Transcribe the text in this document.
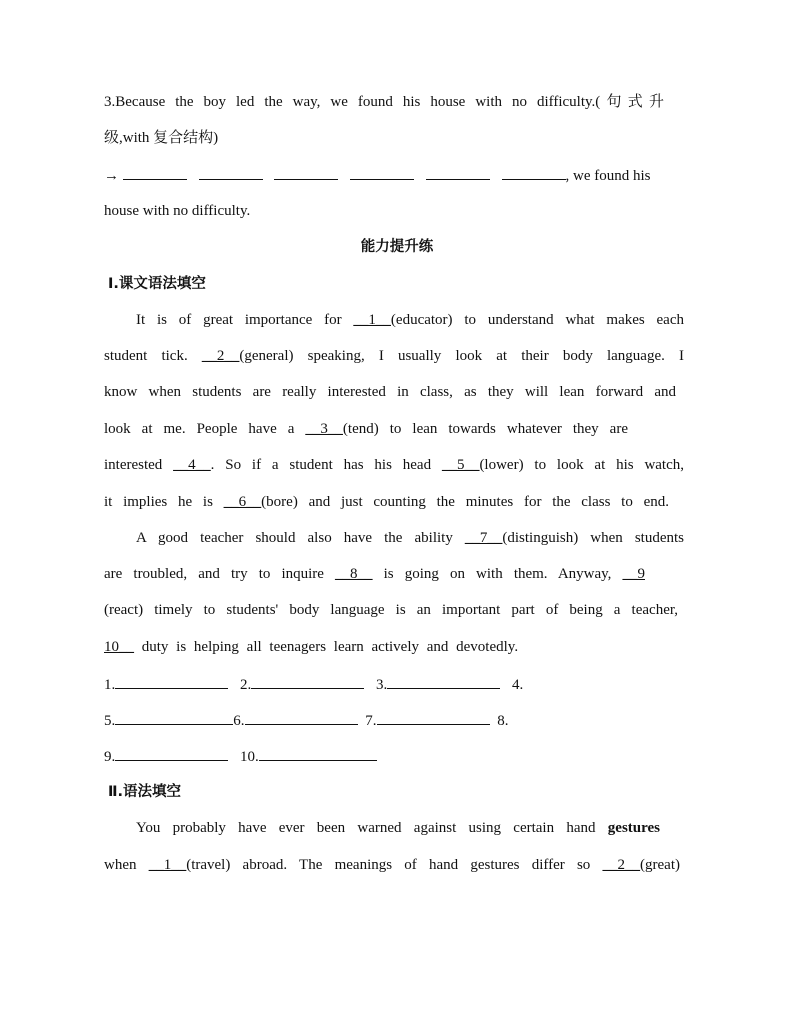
3.Because the boy led the way, we found his house with no difficulty.(句式升
级,with 复合结构)
→	, we found his
house with no difficulty.
能力提升练
Ⅰ.课文语法填空
It is of great importance for __1__(educator) to understand what makes each
student tick. __2__(general) speaking, I usually look at their body language. I
know when students are really interested in class, as they will lean forward and
look at me. People have a __3__(tend) to lean towards whatever they are
interested __4__. So if a student has his head __5__(lower) to look at his watch,
it implies he is __6__(bore) and just counting the minutes for the class to end.
A good teacher should also have the ability __7__(distinguish) when students
are troubled, and try to inquire __8__ is going on with them. Anyway, __9
(react) timely to students' body language is an important part of being a teacher,
10__ duty is helping all teenagers learn actively and devotedly.
1.	2.	3.	4.
5.	6.	7.	8.
9.	10.
Ⅱ.语法填空
You probably have ever been warned against using certain hand gestures
when __1__(travel) abroad. The meanings of hand gestures differ so __2__(great)
